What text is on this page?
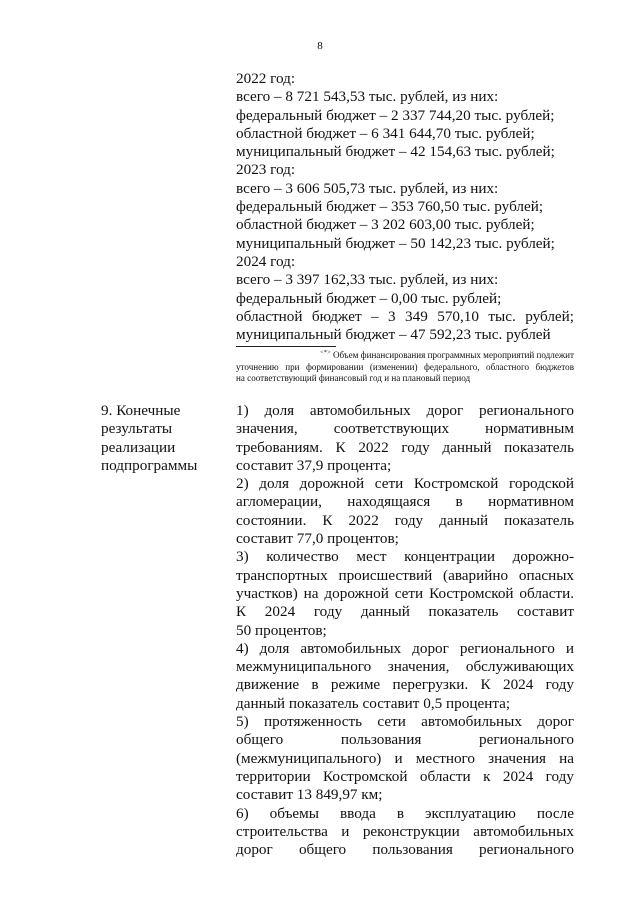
8
2022 год:
всего – 8 721 543,53 тыс. рублей, из них:
федеральный бюджет – 2 337 744,20 тыс. рублей;
областной бюджет – 6 341 644,70 тыс. рублей;
муниципальный бюджет – 42 154,63 тыс. рублей;
2023 год:
всего – 3 606 505,73 тыс. рублей, из них:
федеральный бюджет – 353 760,50 тыс. рублей;
областной бюджет – 3 202 603,00 тыс. рублей;
муниципальный бюджет – 50 142,23 тыс. рублей;
2024 год:
всего – 3 397 162,33 тыс. рублей, из них:
федеральный бюджет – 0,00 тыс. рублей;
областной бюджет – 3 349 570,10 тыс. рублей;
муниципальный бюджет – 47 592,23 тыс. рублей
<*> Объем финансирования программных мероприятий подлежит
уточнению при формировании (изменении) федерального, областного бюджетов
на соответствующий финансовый год и на плановый период
9. Конечные
результаты
реализации
подпрограммы
1) доля автомобильных дорог регионального
значения, соответствующих нормативным
требованиям. К 2022 году данный показатель
составит 37,9 процента;
2) доля дорожной сети Костромской городской
агломерации, находящаяся в нормативном
состоянии. К 2022 году данный показатель
составит 77,0 процентов;
3) количество мест концентрации дорожно-
транспортных происшествий (аварийно опасных
участков) на дорожной сети Костромской области.
К 2024 году данный показатель составит
50 процентов;
4) доля автомобильных дорог регионального и
межмуниципального значения, обслуживающих
движение в режиме перегрузки. К 2024 году
данный показатель составит 0,5 процента;
5) протяженность сети автомобильных дорог
общего пользования регионального
(межмуниципального) и местного значения на
территории Костромской области к 2024 году
составит 13 849,97 км;
6) объемы ввода в эксплуатацию после
строительства и реконструкции автомобильных
дорог общего пользования регионального
